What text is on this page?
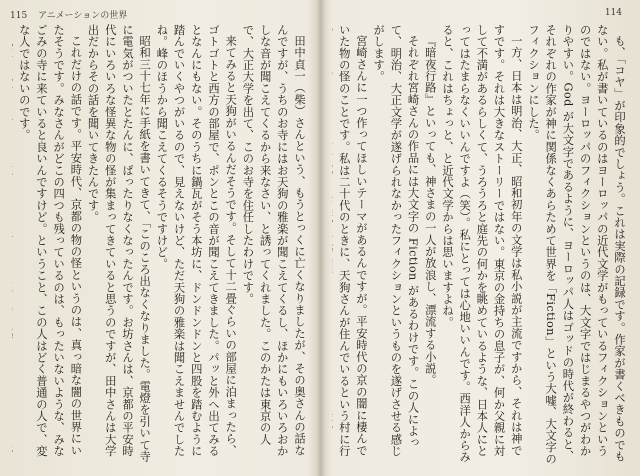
115 アニメーションの世界	114

田中貞一（柴）さんという、もうとっくに亡くなりましたが、その奥さんの話なんですが、うちのお寺にはお天狗の雅楽が聞こえてくるし、ほかにもいろいろおかしな音が聞こえてくるから来なさい、と誘ってくれました。このかたは東京の人で、大正大学を出て、このお寺を住任したわけです。

来てみると天狗がいるんだそうです。そして十二畳ぐらいの部屋に泊まったら、ゴトゴトと西方の部屋で、ポンとこの音が聞こえてきました。パッと外へ出てみるとなんにもない。そのうちに鍋瓦がそう本坊に、ドンドンドンと四股を踏むように踏んでいくやつがいるので、見えないけど、ただ天狗の雅楽は聞こえませんでしたね。峰のほうから聞こえてくるそうですけど。

昭和三十七年に手紙を書いてきて、「このころ出なくなりました。電燈を引いて寺に電気がついたとたんに、ぱったりなくなったんです。お坊さんは、京都の平安時代にいろいろな怪異な物の怪が集まってきていると思うのですが、田中さんは大学出だからその話を聞いてきたんです。

これだけの話です。平安時代、京都の物の怪というのは、真っ暗な闇の世界にいたそうです。みなさんがどこの四つも残っているのは、もったいないような、みなごみの寺に来ていると良いんですけど。ということ、この人はどく普通の人で、変な人ではないのです。	も、「コヤ」が印象的でしょう。これは実際の記録です。作家が書くべきものでもない。私が書いているのはヨーロッパの近代文学がもっているフィクションというのではない。ヨーロッパのフィクションというのは、大文字ではじまるやつがわかりやすい。God が大文字であるように、ヨーロッパ人はゴッドの時代が終わると、それぞれの作家が神に関係なくあらためて世界を「Fiction」という大嘘、大文字のフィクションにした。

一方、日本は明治、大正、昭和初年の文学は私小説が主流ですから、それは神ですです。それは大きなストーリーではない。東京の金持ちの息子が、何か父親に対して不満があるらしくて、うろうろと庭先の何かを眺めているような、日本人にとってはたまらなくいいんですよ（笑）。私にとっては心地いいんです。西洋人からみると、これはちょっと、と近代文学からは思いますよね。

『暗夜行路』といっても、神さまの一人が放浪し、漂流する小説。

それぞれ宮崎さんの作品には大文字の Fiction があるわけです。この人によって、明治、大正文学が遂げられなかったフィクションというものを遂げさせる感じがします。

宮崎さんに一つ作ってほしいテーマがあるんですが。平安時代の京の闇に棲んでいた物の怪のことです。私は二十代のときに、天狗さんが住んでいるという村に行
